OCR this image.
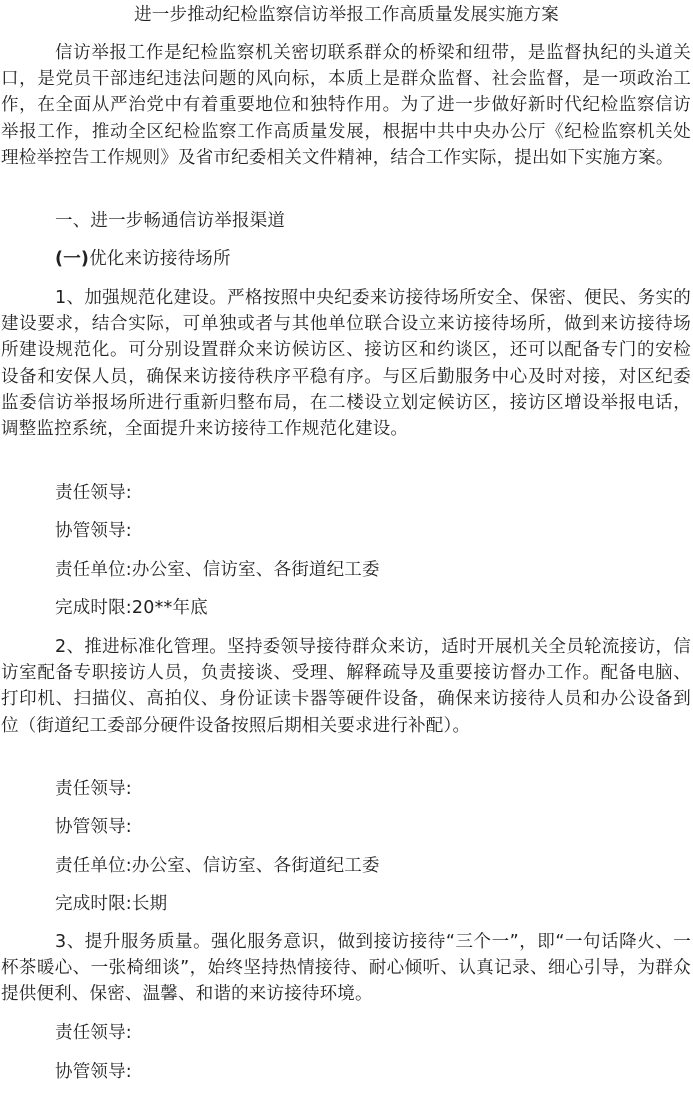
进一步推动纪检监察信访举报工作高质量发展实施方案

信访举报工作是纪检监察机关密切联系群众的桥梁和纽带，是监督执纪的头道关口，是党员干部违纪违法问题的风向标，本质上是群众监督、社会监督，是一项政治工作，在全面从严治党中有着重要地位和独特作用。为了进一步做好新时代纪检监察信访举报工作，推动全区纪检监察工作高质量发展，根据中共中央办公厅《纪检监察机关处理检举控告工作规则》及省市纪委相关文件精神，结合工作实际，提出如下实施方案。

一、进一步畅通信访举报渠道
(一)优化来访接待场所

1、加强规范化建设。严格按照中央纪委来访接待场所安全、保密、便民、务实的建设要求，结合实际，可单独或者与其他单位联合设立来访接待场所，做到来访接待场所建设规范化。可分别设置群众来访候访区、接访区和约谈区，还可以配备专门的安检设备和安保人员，确保来访接待秩序平稳有序。与区后勤服务中心及时对接，对区纪委监委信访举报场所进行重新归整布局，在二楼设立划定候访区，接访区增设举报电话，调整监控系统，全面提升来访接待工作规范化建设。

责任领导:
协管领导:
责任单位:办公室、信访室、各街道纪工委
完成时限:20**年底

2、推进标准化管理。坚持委领导接待群众来访，适时开展机关全员轮流接访，信访室配备专职接访人员，负责接谈、受理、解释疏导及重要接访督办工作。配备电脑、打印机、扫描仪、高拍仪、身份证读卡器等硬件设备，确保来访接待人员和办公设备到位（街道纪工委部分硬件设备按照后期相关要求进行补配）。

责任领导:
协管领导:
责任单位:办公室、信访室、各街道纪工委
完成时限:长期

3、提升服务质量。强化服务意识，做到接访接待“三个一”，即“一句话降火、一杯茶暖心、一张椅细谈”，始终坚持热情接待、耐心倾听、认真记录、细心引导，为群众提供便利、保密、温馨、和谐的来访接待环境。

责任领导:
协管领导:
